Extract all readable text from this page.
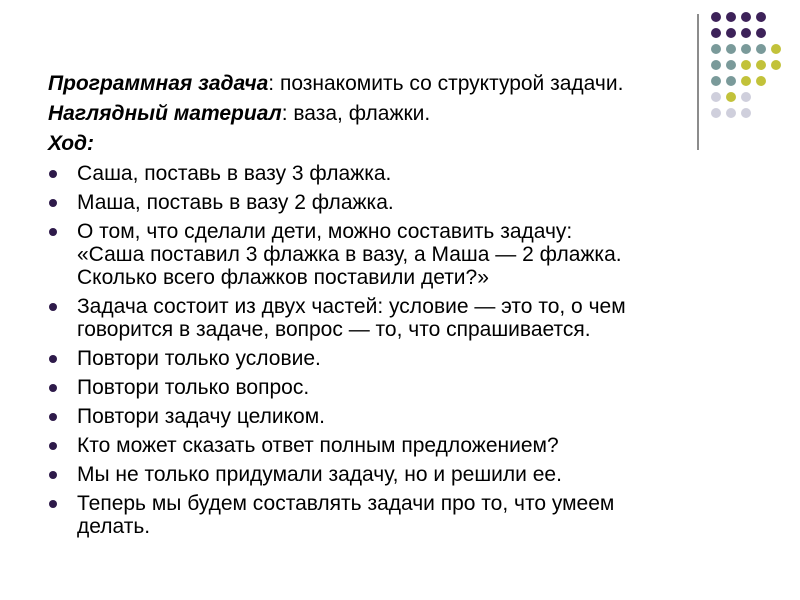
Программная задача: познакомить со структурой задачи.
Наглядный материал: ваза, флажки.
Ход:
Саша, поставь в вазу 3 флажка.
Маша, поставь в вазу 2 флажка.
О том, что сделали дети, можно составить задачу:
«Саша поставил 3 флажка в вазу, а Маша — 2 флажка.
Сколько всего флажков поставили дети?»
Задача состоит из двух частей: условие — это то, о чем
говорится в задаче, вопрос — то, что спрашивается.
Повтори только условие.
Повтори только вопрос.
Повтори задачу целиком.
Кто может сказать ответ полным предложением?
Мы не только придумали задачу, но и решили ее.
Теперь мы будем составлять задачи про то, что умеем
делать.
